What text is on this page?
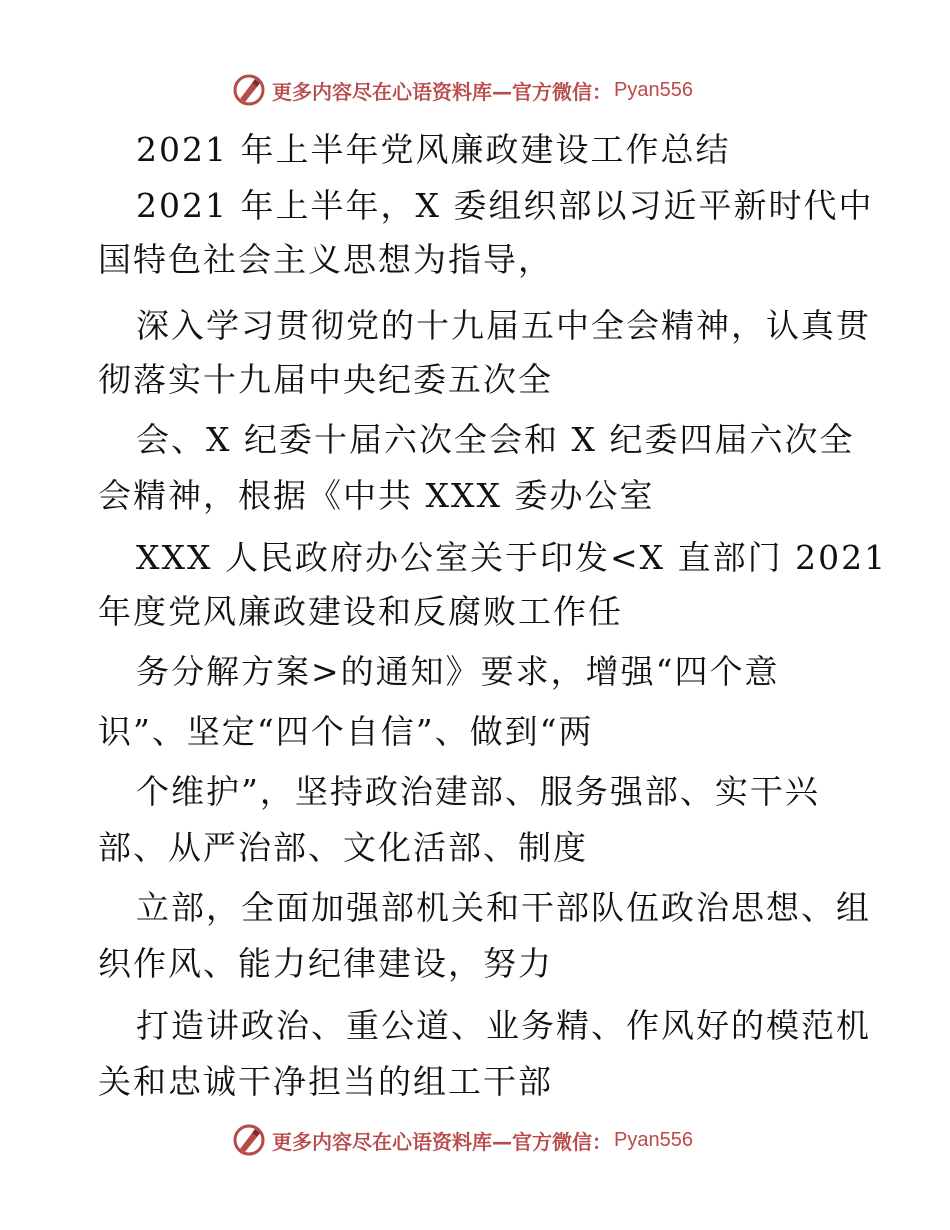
更多内容尽在心语资料库—官方微信： Pyan556
2021 年上半年党风廉政建设工作总结
2021 年上半年，X 委组织部以习近平新时代中
国特色社会主义思想为指导，
深入学习贯彻党的十九届五中全会精神，认真贯
彻落实十九届中央纪委五次全
会、X 纪委十届六次全会和 X 纪委四届六次全
会精神，根据《中共 XXX 委办公室
XXX 人民政府办公室关于印发<X 直部门 2021
年度党风廉政建设和反腐败工作任
务分解方案>的通知》要求，增强“四个意
识”、坚定“四个自信”、做到“两
个维护”，坚持政治建部、服务强部、实干兴
部、从严治部、文化活部、制度
立部，全面加强部机关和干部队伍政治思想、组
织作风、能力纪律建设，努力
打造讲政治、重公道、业务精、作风好的模范机
关和忠诚干净担当的组工干部
更多内容尽在心语资料库—官方微信： Pyan556
